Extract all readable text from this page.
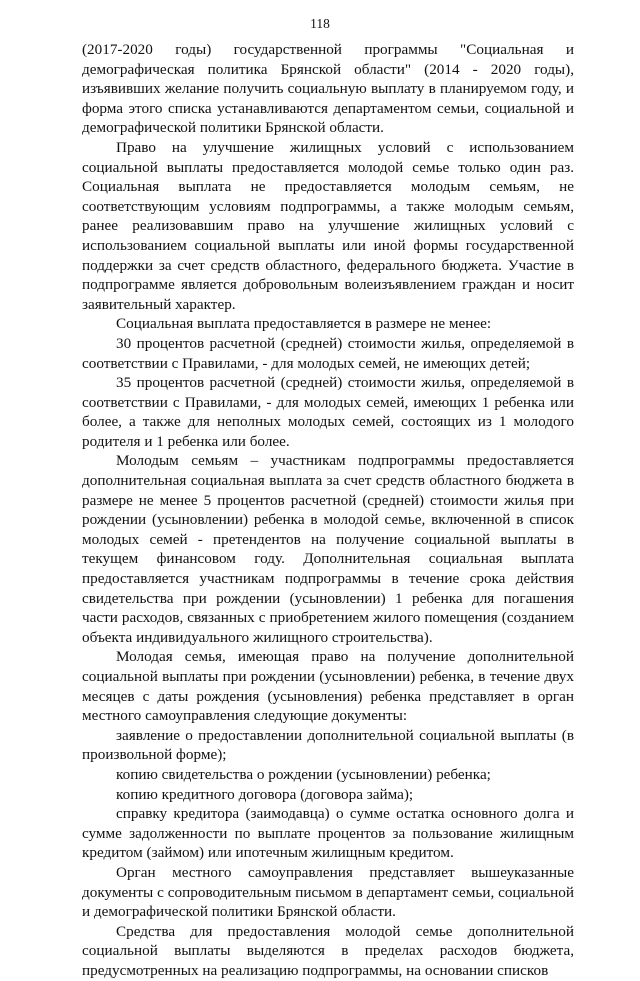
118

(2017-2020 годы) государственной программы "Социальная и демографическая политика Брянской области" (2014 - 2020 годы), изъявивших желание получить социальную выплату в планируемом году, и форма этого списка устанавливаются департаментом семьи, социальной и демографической политики Брянской области.

Право на улучшение жилищных условий с использованием социальной выплаты предоставляется молодой семье только один раз. Социальная выплата не предоставляется молодым семьям, не соответствующим условиям подпрограммы, а также молодым семьям, ранее реализовавшим право на улучшение жилищных условий с использованием социальной выплаты или иной формы государственной поддержки за счет средств областного, федерального бюджета. Участие в подпрограмме является добровольным волеизъявлением граждан и носит заявительный характер.

Социальная выплата предоставляется в размере не менее:

30 процентов расчетной (средней) стоимости жилья, определяемой в соответствии с Правилами, - для молодых семей, не имеющих детей;

35 процентов расчетной (средней) стоимости жилья, определяемой в соответствии с Правилами, - для молодых семей, имеющих 1 ребенка или более, а также для неполных молодых семей, состоящих из 1 молодого родителя и 1 ребенка или более.

Молодым семьям – участникам подпрограммы предоставляется дополнительная социальная выплата за счет средств областного бюджета в размере не менее 5 процентов расчетной (средней) стоимости жилья при рождении (усыновлении) ребенка в молодой семье, включенной в список молодых семей - претендентов на получение социальной выплаты в текущем финансовом году. Дополнительная социальная выплата предоставляется участникам подпрограммы в течение срока действия свидетельства при рождении (усыновлении) 1 ребенка для погашения части расходов, связанных с приобретением жилого помещения (созданием объекта индивидуального жилищного строительства).

Молодая семья, имеющая право на получение дополнительной социальной выплаты при рождении (усыновлении) ребенка, в течение двух месяцев с даты рождения (усыновления) ребенка представляет в орган местного самоуправления следующие документы:

заявление о предоставлении дополнительной социальной выплаты (в произвольной форме);

копию свидетельства о рождении (усыновлении) ребенка;

копию кредитного договора (договора займа);

справку кредитора (заимодавца) о сумме остатка основного долга и сумме задолженности по выплате процентов за пользование жилищным кредитом (займом) или ипотечным жилищным кредитом.

Орган местного самоуправления представляет вышеуказанные документы с сопроводительным письмом в департамент семьи, социальной и демографической политики Брянской области.

Средства для предоставления молодой семье дополнительной социальной выплаты выделяются в пределах расходов бюджета, предусмотренных на реализацию подпрограммы, на основании списков
